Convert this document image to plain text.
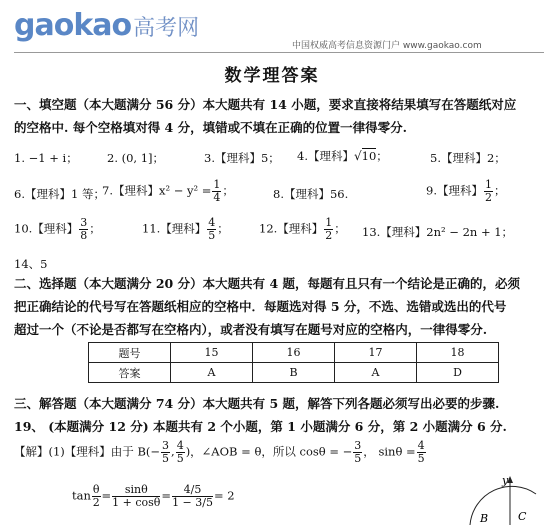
gaokao高考网
中国权威高考信息资源门户 www.gaokao.com
数学理答案
一、填空题（本大题满分 56 分）本大题共有 14 小题，要求直接将结果填写在答题纸对应
的空格中. 每个空格填对得 4 分，填错或不填在正确的位置一律得零分.
1. −1 + i；	2. (0, 1]；	3.【理科】5； 4.【理科】√10；	5.【理科】2；
6.【理科】1 等；
7.【理科】$x^2 - y^2 = \frac{1}{4}$ ；	8.【理科】56.	9.【理科】 $\frac{1}{2}$ ；
10.【理科】 $\frac{3}{8}$ ；	11.【理科】 $\frac{4}{5}$ ；	12.【理科】 $\frac{1}{2}$ ； 13.【理科】2n² − 2n + 1；
14、5
二、选择题（本大题满分 20 分）本大题共有 4 题，每题有且只有一个结论是正确的，必须
把正确结论的代号写在答题纸相应的空格中．每题选对得 5 分，不选、选错或选出的代号
超过一个（不论是否都写在空格内），或者没有填写在题号对应的空格内，一律得零分.
题号	15	16	17	18
答案	A	B	A	D
三、解答题（本大题满分 74 分）本大题共有 5 题，解答下列各题必须写出必要的步骤.
19、 (本题满分 12 分) 本题共有 2 个小题，第 1 小题满分 6 分，第 2 小题满分 6 分.
【解】(1)【理科】由于 $B(- \frac{3}{5}$ , $\frac{4}{5}$ )，∠AOB = θ，所以 cosθ = − $\frac{3}{5}$ ， $\sin\theta = \frac{4}{5}$
$\tan \frac{\theta}{2} = \frac{\sin\theta}{1 + \cos\theta} = \frac{4/5}{1 - 3/5} = 2$
y
B	C
